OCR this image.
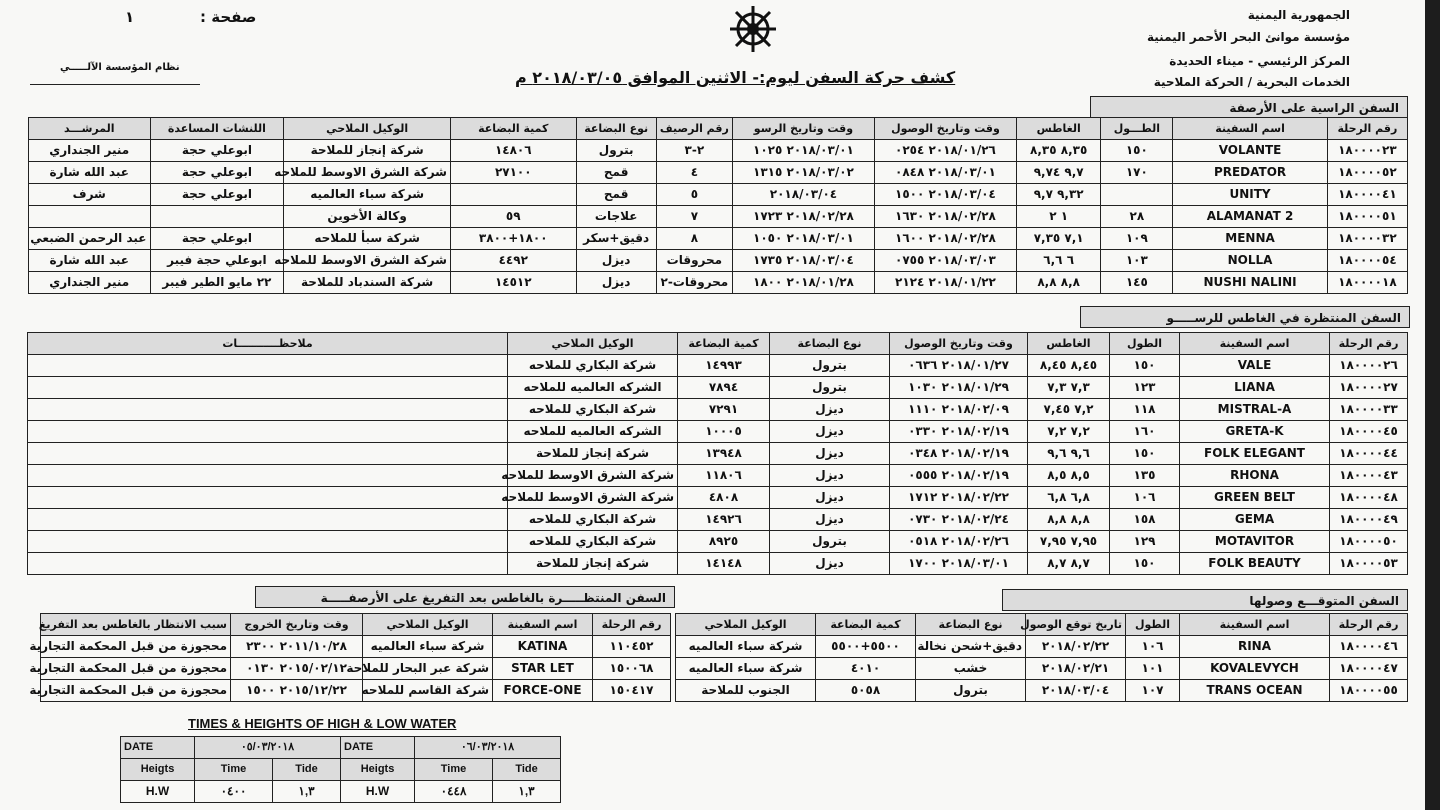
الجمهورية اليمنية
مؤسسة موانئ البحر الأحمر اليمنية
المركز الرئيسي - ميناء الحديدة
الخدمات البحرية / الحركة الملاحية
صفحة :
١
نظام المؤسسة الآلـــــي
كشف حركة السفن ليوم:- الاثنين الموافق ٢٠١٨/٠٣/٠٥ م
السفن الراسية على الأرصفة
رقم الرحلة	اسم السفينة	الطـــول	الغاطس	وقت وتاريخ الوصول	وقت وتاريخ الرسو	رقم الرصيف	نوع البضاعة	كمية البضاعة	الوكيل الملاحي	اللنشات المساعدة	المرشـــد
١٨٠٠٠٠٢٣	VOLANTE	١٥٠	٨,٣٥ ٨,٣٥	٢٠١٨/٠١/٢٦ ٠٢٥٤	٢٠١٨/٠٣/٠١ ١٠٢٥	٢-٣	بترول	١٤٨٠٦	شركة إنجاز للملاحة	ابوعلي حجة	منير الجنداري
١٨٠٠٠٠٥٢	PREDATOR	١٧٠	٩,٧ ٩,٧٤	٢٠١٨/٠٣/٠١ ٠٨٤٨	٢٠١٨/٠٣/٠٢ ١٣١٥	٤	قمح	٢٧١٠٠	شركة الشرق الاوسط للملاحه	ابوعلي حجة	عبد الله شارة
١٨٠٠٠٠٤١	UNITY		٩,٣٢ ٩,٧	٢٠١٨/٠٣/٠٤ ١٥٠٠	٢٠١٨/٠٣/٠٤	٥	قمح		شركة سباء العالميه	ابوعلي حجة	شرف
١٨٠٠٠٠٥١	ALAMANAT 2	٢٨	١ ٢	٢٠١٨/٠٢/٢٨ ١٦٣٠	٢٠١٨/٠٢/٢٨ ١٧٢٣	٧	علاجات	٥٩	وكالة الأخوين		
١٨٠٠٠٠٣٢	MENNA	١٠٩	٧,١ ٧,٣٥	٢٠١٨/٠٢/٢٨ ١٦٠٠	٢٠١٨/٠٣/٠١ ١٠٥٠	٨	دقيق+سكر	١٨٠٠+٣٨٠٠	شركة سبأ للملاحه	ابوعلي حجة	عبد الرحمن الضبعي
١٨٠٠٠٠٥٤	NOLLA	١٠٣	٦ ٦,٦	٢٠١٨/٠٣/٠٣ ٠٧٥٥	٢٠١٨/٠٣/٠٤ ١٧٣٥	محروقات	ديزل	٤٤٩٢	شركة الشرق الاوسط للملاحه	ابوعلي حجة فيبر	عبد الله شارة
١٨٠٠٠٠١٨	NUSHI NALINI	١٤٥	٨,٨ ٨,٨	٢٠١٨/٠١/٢٢ ٢١٢٤	٢٠١٨/٠١/٢٨ ١٨٠٠	محروقات-٢	ديزل	١٤٥١٢	شركة السندباد للملاحة	٢٢ مايو الطير فيبر	منير الجنداري
السفن المنتظرة في الغاطس للرســـــو
رقم الرحلة	اسم السفينة	الطول	الغاطس	وقت وتاريخ الوصول	نوع البضاعة	كمية البضاعة	الوكيل الملاحي	ملاحظـــــــــــات
١٨٠٠٠٠٢٦	VALE	١٥٠	٨,٤٥ ٨,٤٥	٢٠١٨/٠١/٢٧ ٠٦٣٦	بترول	١٤٩٩٣	شركة البكاري للملاحه	
١٨٠٠٠٠٢٧	LIANA	١٢٣	٧,٣ ٧,٣	٢٠١٨/٠١/٢٩ ١٠٣٠	بترول	٧٨٩٤	الشركه العالميه للملاحه	
١٨٠٠٠٠٣٣	MISTRAL-A	١١٨	٧,٢ ٧,٤٥	٢٠١٨/٠٢/٠٩ ١١١٠	ديزل	٧٢٩١	شركة البكاري للملاحه	
١٨٠٠٠٠٤٥	GRETA-K	١٦٠	٧,٢ ٧,٢	٢٠١٨/٠٢/١٩ ٠٣٣٠	ديزل	١٠٠٠٥	الشركه العالميه للملاحه	
١٨٠٠٠٠٤٤	FOLK ELEGANT	١٥٠	٩,٦ ٩,٦	٢٠١٨/٠٢/١٩ ٠٣٤٨	ديزل	١٣٩٤٨	شركة إنجاز للملاحة	
١٨٠٠٠٠٤٣	RHONA	١٣٥	٨,٥ ٨,٥	٢٠١٨/٠٢/١٩ ٠٥٥٥	ديزل	١١٨٠٦	شركة الشرق الاوسط للملاحه	
١٨٠٠٠٠٤٨	GREEN BELT	١٠٦	٦,٨ ٦,٨	٢٠١٨/٠٢/٢٢ ١٧١٢	ديزل	٤٨٠٨	شركة الشرق الاوسط للملاحه	
١٨٠٠٠٠٤٩	GEMA	١٥٨	٨,٨ ٨,٨	٢٠١٨/٠٢/٢٤ ٠٧٣٠	ديزل	١٤٩٢٦	شركة البكاري للملاحه	
١٨٠٠٠٠٥٠	MOTAVITOR	١٢٩	٧,٩٥ ٧,٩٥	٢٠١٨/٠٢/٢٦ ٠٥١٨	بترول	٨٩٢٥	شركة البكاري للملاحه	
١٨٠٠٠٠٥٣	FOLK BEAUTY	١٥٠	٨,٧ ٨,٧	٢٠١٨/٠٣/٠١ ١٧٠٠	ديزل	١٤١٤٨	شركة إنجاز للملاحة	
السفن المتوقـــع وصولها
رقم الرحلة	اسم السفينة	الطول	تاريخ توقع الوصول	نوع البضاعة	كمية البضاعة	الوكيل الملاحي
١٨٠٠٠٠٤٦	RINA	١٠٦	٢٠١٨/٠٢/٢٢	دقيق+شحن نخالة	٥٥٠٠+٥٥٠٠	شركة سباء العالميه
١٨٠٠٠٠٤٧	KOVALEVYCH	١٠١	٢٠١٨/٠٢/٢١	خشب	٤٠١٠	شركة سباء العالميه
١٨٠٠٠٠٥٥	TRANS OCEAN	١٠٧	٢٠١٨/٠٣/٠٤	بترول	٥٠٥٨	الجنوب للملاحة
السفن المنتظـــــرة بالغاطس بعد التفريغ على الأرصفـــــة
رقم الرحلة	اسم السفينة	الوكيل الملاحي	وقت وتاريخ الخروج	سبب الانتظار بالغاطس بعد التفريغ
١١٠٤٥٢	KATINA	شركة سباء العالميه	٢٠١١/١٠/٢٨ ٢٣٠٠	محجوزة من قبل المحكمة التجارية
١٥٠٠٦٨	STAR LET	شركة عبر البحار للملاحة	٢٠١٥/٠٢/١٢ ٠١٣٠	محجوزة من قبل المحكمة التجارية
١٥٠٤١٧	FORCE-ONE	شركة القاسم للملاحه	٢٠١٥/١٢/٢٢ ١٥٠٠	محجوزة من قبل المحكمة التجارية
TIMES & HEIGHTS OF HIGH & LOW WATER
DATE	٠٥/٠٣/٢٠١٨		DATE	٠٦/٠٣/٢٠١٨	
Heigts	Time	Tide	Heigts	Time	Tide
H.W	٠٤٠٠	١,٣	H.W	٠٤٤٨	١,٣
